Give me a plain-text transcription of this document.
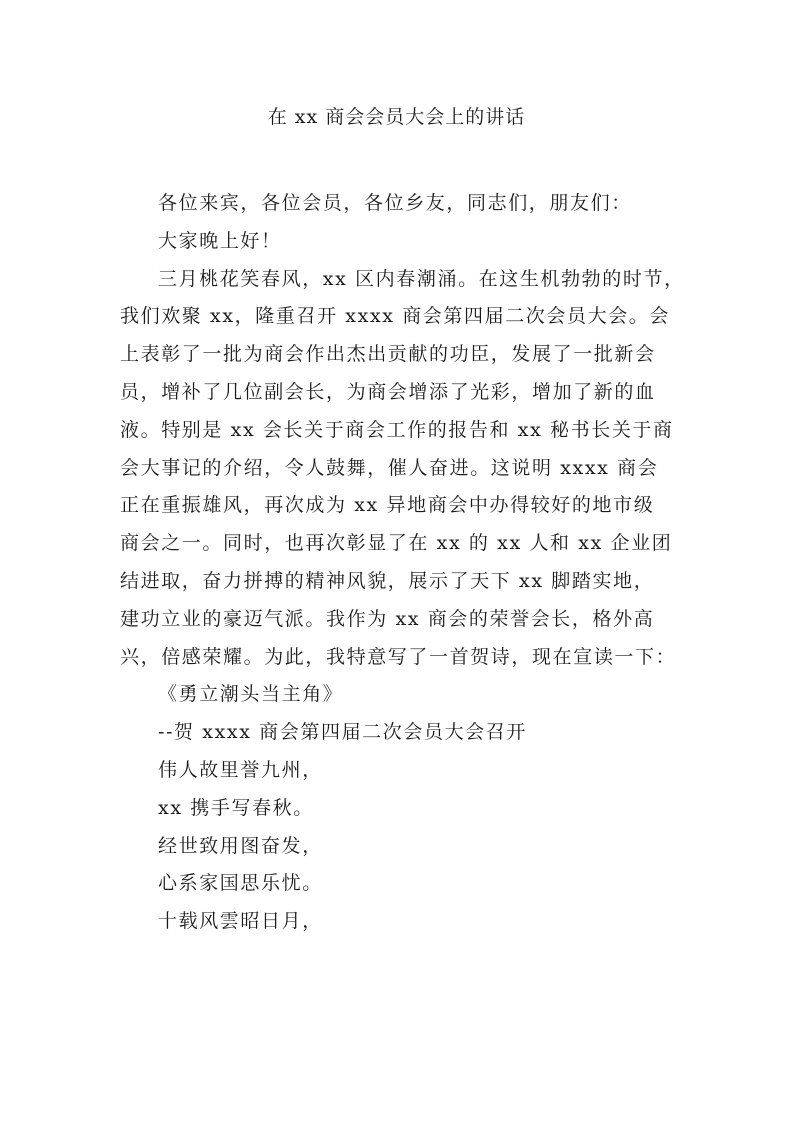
在 xx 商会会员大会上的讲话

各位来宾，各位会员，各位乡友，同志们，朋友们：

大家晚上好！

三月桃花笑春风，xx 区内春潮涌。在这生机勃勃的时节，

我们欢聚 xx，隆重召开 xxxx 商会第四届二次会员大会。会

上表彰了一批为商会作出杰出贡献的功臣，发展了一批新会

员，增补了几位副会长，为商会增添了光彩，增加了新的血

液。特别是 xx 会长关于商会工作的报告和 xx 秘书长关于商

会大事记的介绍，令人鼓舞，催人奋进。这说明 xxxx 商会

正在重振雄风，再次成为 xx 异地商会中办得较好的地市级

商会之一。同时，也再次彰显了在 xx 的 xx 人和 xx 企业团

结进取，奋力拼搏的精神风貌，展示了天下 xx 脚踏实地，

建功立业的豪迈气派。我作为 xx 商会的荣誉会长，格外高

兴，倍感荣耀。为此，我特意写了一首贺诗，现在宣读一下：

《勇立潮头当主角》

--贺 xxxx 商会第四届二次会员大会召开

伟人故里誉九州，

xx 携手写春秋。

经世致用图奋发，

心系家国思乐忧。

十载风雲昭日月，
